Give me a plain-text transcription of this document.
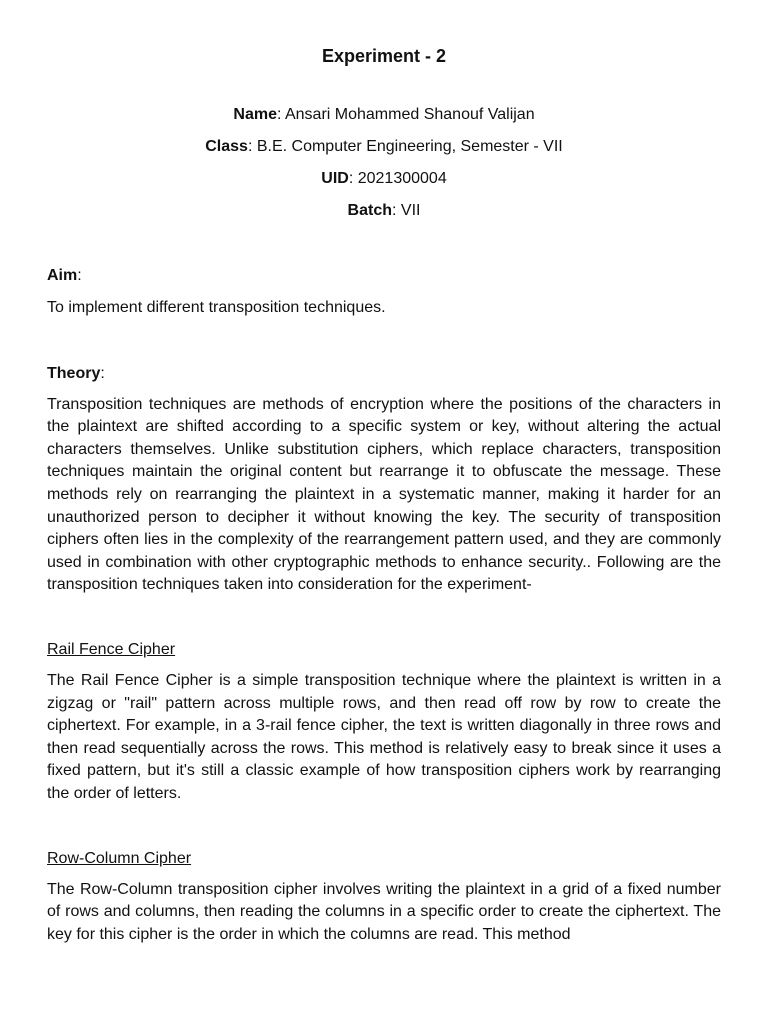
Experiment - 2
Name: Ansari Mohammed Shanouf Valijan
Class: B.E. Computer Engineering, Semester - VII
UID: 2021300004
Batch: VII
Aim:

To implement different transposition techniques.

Theory:

Transposition techniques are methods of encryption where the positions of the characters in the plaintext are shifted according to a specific system or key, without altering the actual characters themselves. Unlike substitution ciphers, which replace characters, transposition techniques maintain the original content but rearrange it to obfuscate the message. These methods rely on rearranging the plaintext in a systematic manner, making it harder for an unauthorized person to decipher it without knowing the key. The security of transposition ciphers often lies in the complexity of the rearrangement pattern used, and they are commonly used in combination with other cryptographic methods to enhance security.. Following are the transposition techniques taken into consideration for the experiment-

Rail Fence Cipher

The Rail Fence Cipher is a simple transposition technique where the plaintext is written in a zigzag or "rail" pattern across multiple rows, and then read off row by row to create the ciphertext. For example, in a 3-rail fence cipher, the text is written diagonally in three rows and then read sequentially across the rows. This method is relatively easy to break since it uses a fixed pattern, but it's still a classic example of how transposition ciphers work by rearranging the order of letters.

Row-Column Cipher

The Row-Column transposition cipher involves writing the plaintext in a grid of a fixed number of rows and columns, then reading the columns in a specific order to create the ciphertext. The key for this cipher is the order in which the columns are read. This method
